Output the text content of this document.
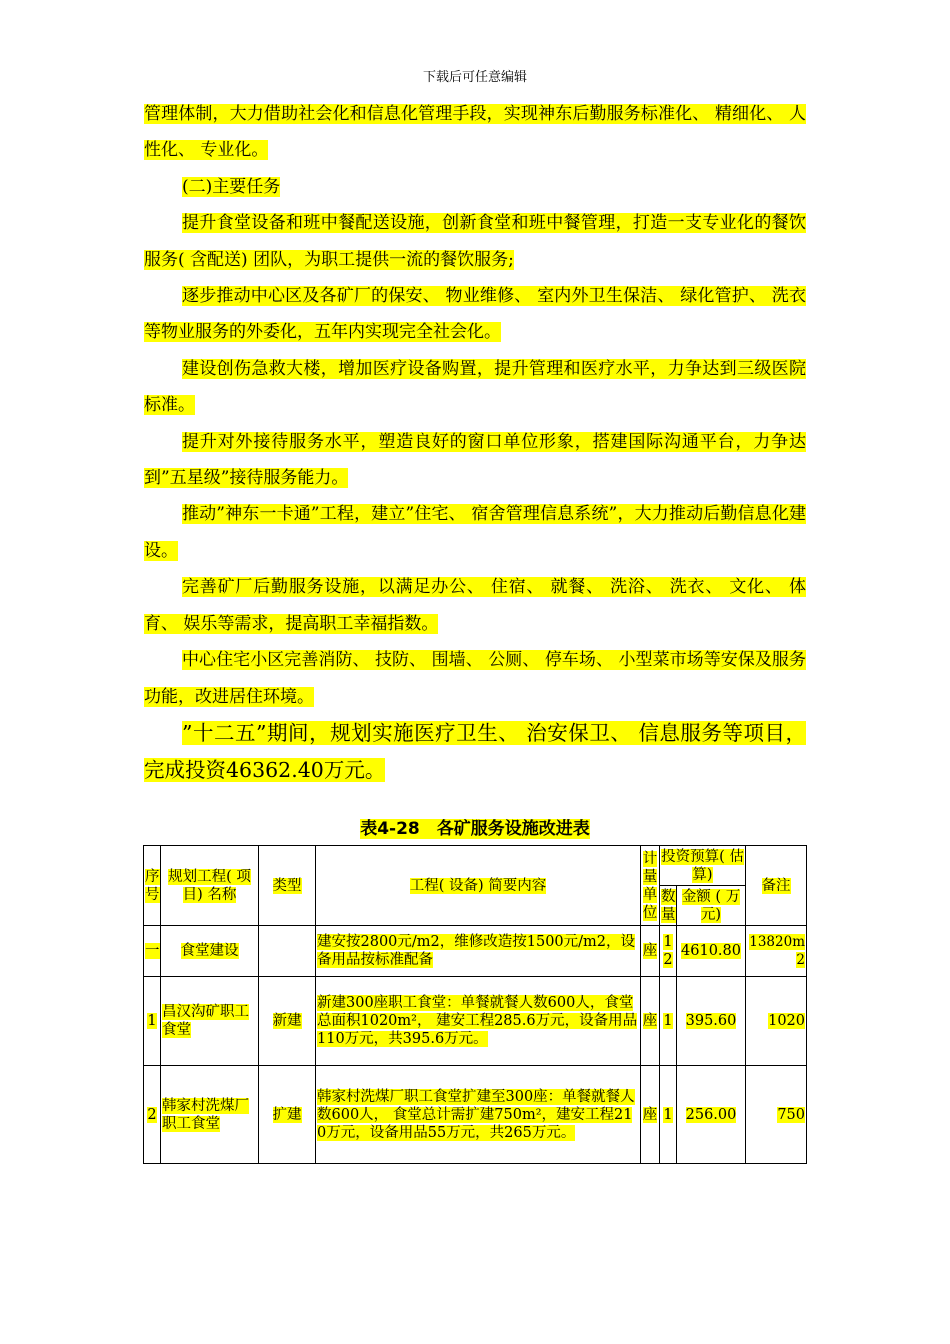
下载后可任意编辑

管理体制，大力借助社会化和信息化管理手段，实现神东后勤服务标准化、 精细化、 人性化、 专业化。

(二)主要任务

提升食堂设备和班中餐配送设施，创新食堂和班中餐管理，打造一支专业化的餐饮服务( 含配送) 团队，为职工提供一流的餐饮服务;

逐步推动中心区及各矿厂的保安、 物业维修、 室内外卫生保洁、 绿化管护、 洗衣等物业服务的外委化，五年内实现完全社会化。

建设创伤急救大楼，增加医疗设备购置，提升管理和医疗水平，力争达到三级医院标准。

提升对外接待服务水平，塑造良好的窗口单位形象，搭建国际沟通平台，力争达到”五星级”接待服务能力。

推动”神东一卡通”工程，建立”住宅、 宿舍管理信息系统”，大力推动后勤信息化建设。

完善矿厂后勤服务设施，以满足办公、 住宿、 就餐、 洗浴、 洗衣、 文化、 体育、 娱乐等需求，提高职工幸福指数。

中心住宅小区完善消防、 技防、 围墙、 公厕、 停车场、 小型菜市场等安保及服务功能，改进居住环境。

”十二五”期间，规划实施医疗卫生、 治安保卫、 信息服务等项目，完成投资46362.40万元。

表4-28　各矿服务设施改进表
序号	规划工程( 项目) 名称	类型	工程( 设备) 简要内容	计量单位	投资预算( 估算)		备注
					数量	金额 ( 万元)	
一	食堂建设		建安按2800元/m2，维修改造按1500元/m2，设备用品按标准配备	座	12	4610.80	13820m2
1	昌汉沟矿职工食堂	新建	新建300座职工食堂：单餐就餐人数600人，食堂总面积1020m²， 建安工程285.6万元，设备用品110万元，共395.6万元。	座	1	395.60	1020
2	韩家村洗煤厂职工食堂	扩建	韩家村洗煤厂职工食堂扩建至300座：单餐就餐人数600人， 食堂总计需扩建750m²，建安工程210万元，设备用品55万元，共265万元。	座	1	256.00	750
